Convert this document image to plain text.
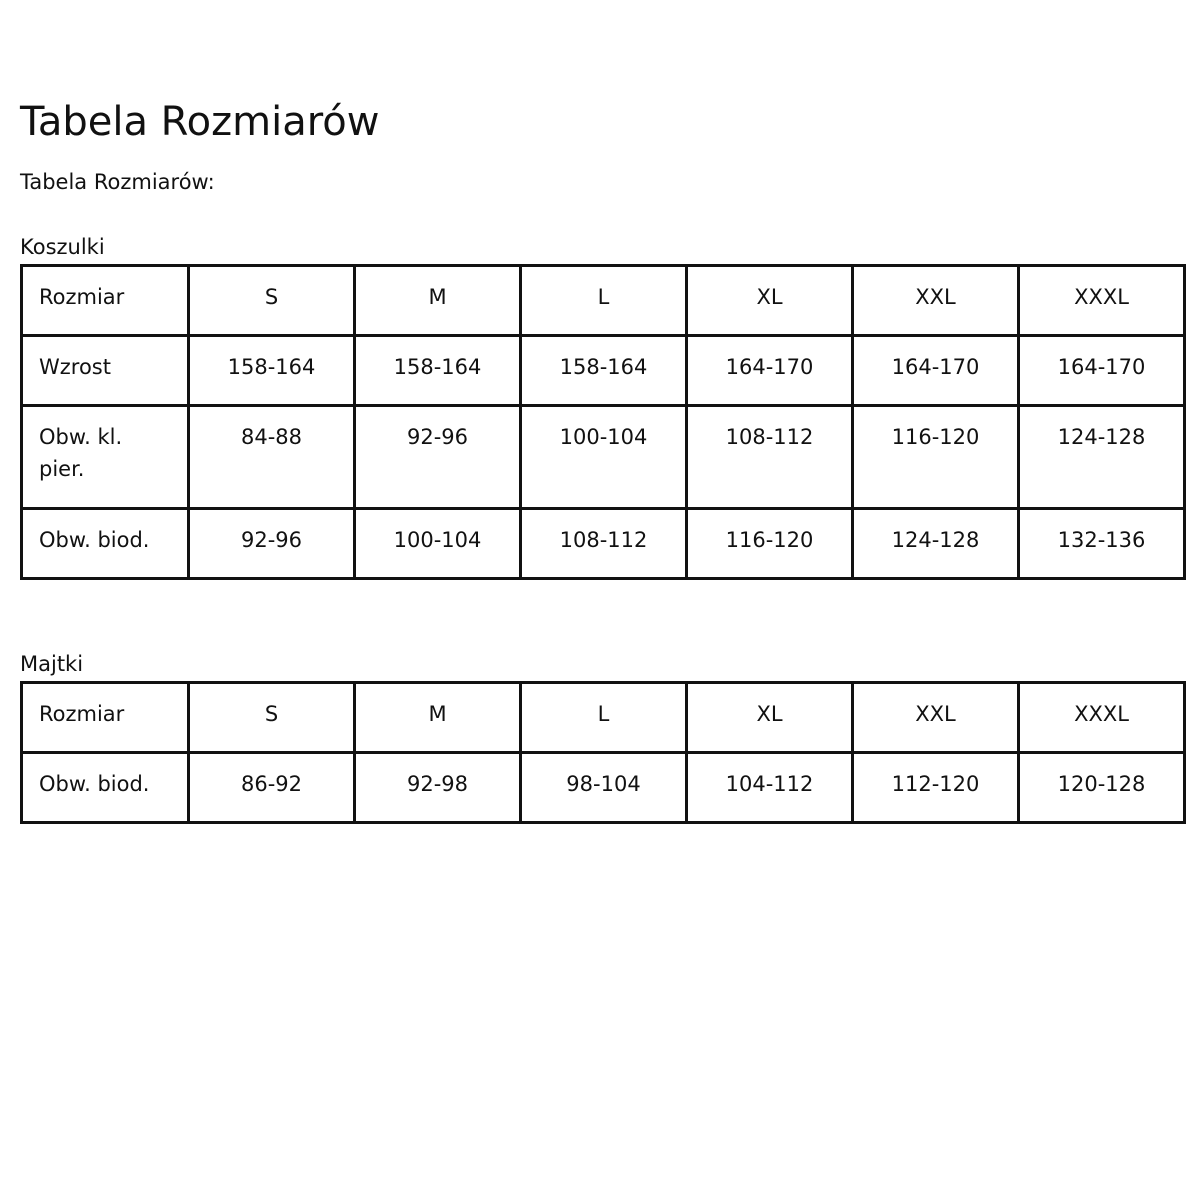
Tabela Rozmiarów

Tabela Rozmiarów:

Koszulki
Rozmiar	S	M	L	XL	XXL	XXXL
Wzrost	158-164	158-164	158-164	164-170	164-170	164-170
Obw. kl. pier.	84-88	92-96	100-104	108-112	116-120	124-128
Obw. biod.	92-96	100-104	108-112	116-120	124-128	132-136
Majtki
Rozmiar	S	M	L	XL	XXL	XXXL
Obw. biod.	86-92	92-98	98-104	104-112	112-120	120-128
